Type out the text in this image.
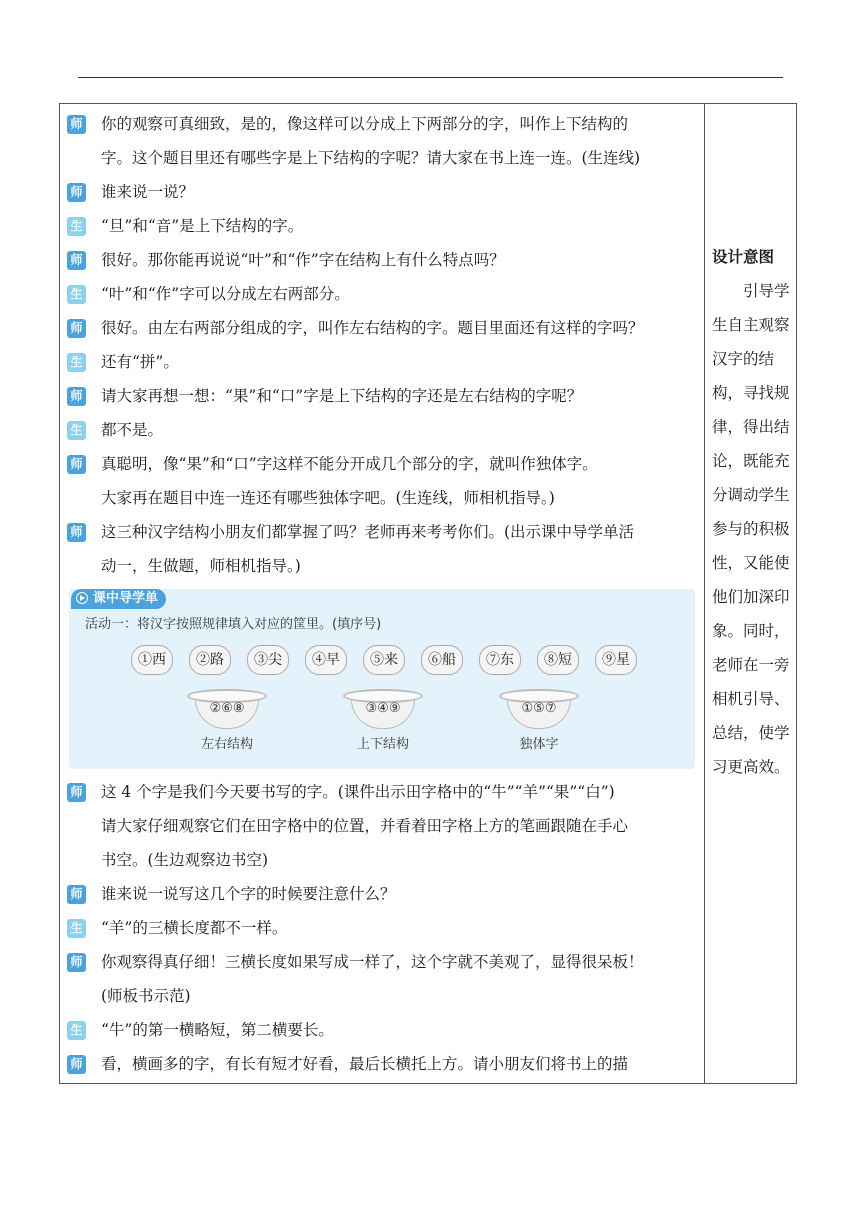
师 你的观察可真细致，是的，像这样可以分成上下两部分的字，叫作上下结构的
字。这个题目里还有哪些字是上下结构的字呢？请大家在书上连一连。(生连线)
师 谁来说一说？
生 “旦”和“音”是上下结构的字。
师 很好。那你能再说说“叶”和“作”字在结构上有什么特点吗？
生 “叶”和“作”字可以分成左右两部分。
师 很好。由左右两部分组成的字，叫作左右结构的字。题目里面还有这样的字吗？
生 还有“拼”。
师 请大家再想一想：“果”和“口”字是上下结构的字还是左右结构的字呢？
生 都不是。
师 真聪明，像“果”和“口”字这样不能分开成几个部分的字，就叫作独体字。
大家再在题目中连一连还有哪些独体字吧。(生连线，师相机指导。)
师 这三种汉字结构小朋友们都掌握了吗？老师再来考考你们。(出示课中导学单活
动一，生做题，师相机指导。)
课中导学单
活动一：将汉字按照规律填入对应的筐里。(填序号)
①西	②路	③尖	④早	⑤来	⑥船	⑦东	⑧短	⑨星
②⑥⑧
左右结构
③④⑨
上下结构
①⑤⑦
独体字
师 这 4 个字是我们今天要书写的字。(课件出示田字格中的“牛”“羊”“果”“白”)
请大家仔细观察它们在田字格中的位置，并看着田字格上方的笔画跟随在手心
书空。(生边观察边书空)
师 谁来说一说写这几个字的时候要注意什么？
生 “羊”的三横长度都不一样。
师 你观察得真仔细！三横长度如果写成一样了，这个字就不美观了，显得很呆板！
(师板书示范)
生 “牛”的第一横略短，第二横要长。
师 看，横画多的字，有长有短才好看，最后长横托上方。请小朋友们将书上的描
设计意图
引导学生自主观察汉字的结构，寻找规律，得出结论，既能充分调动学生参与的积极性，又能使他们加深印象。同时，老师在一旁相机引导、总结，使学习更高效。
